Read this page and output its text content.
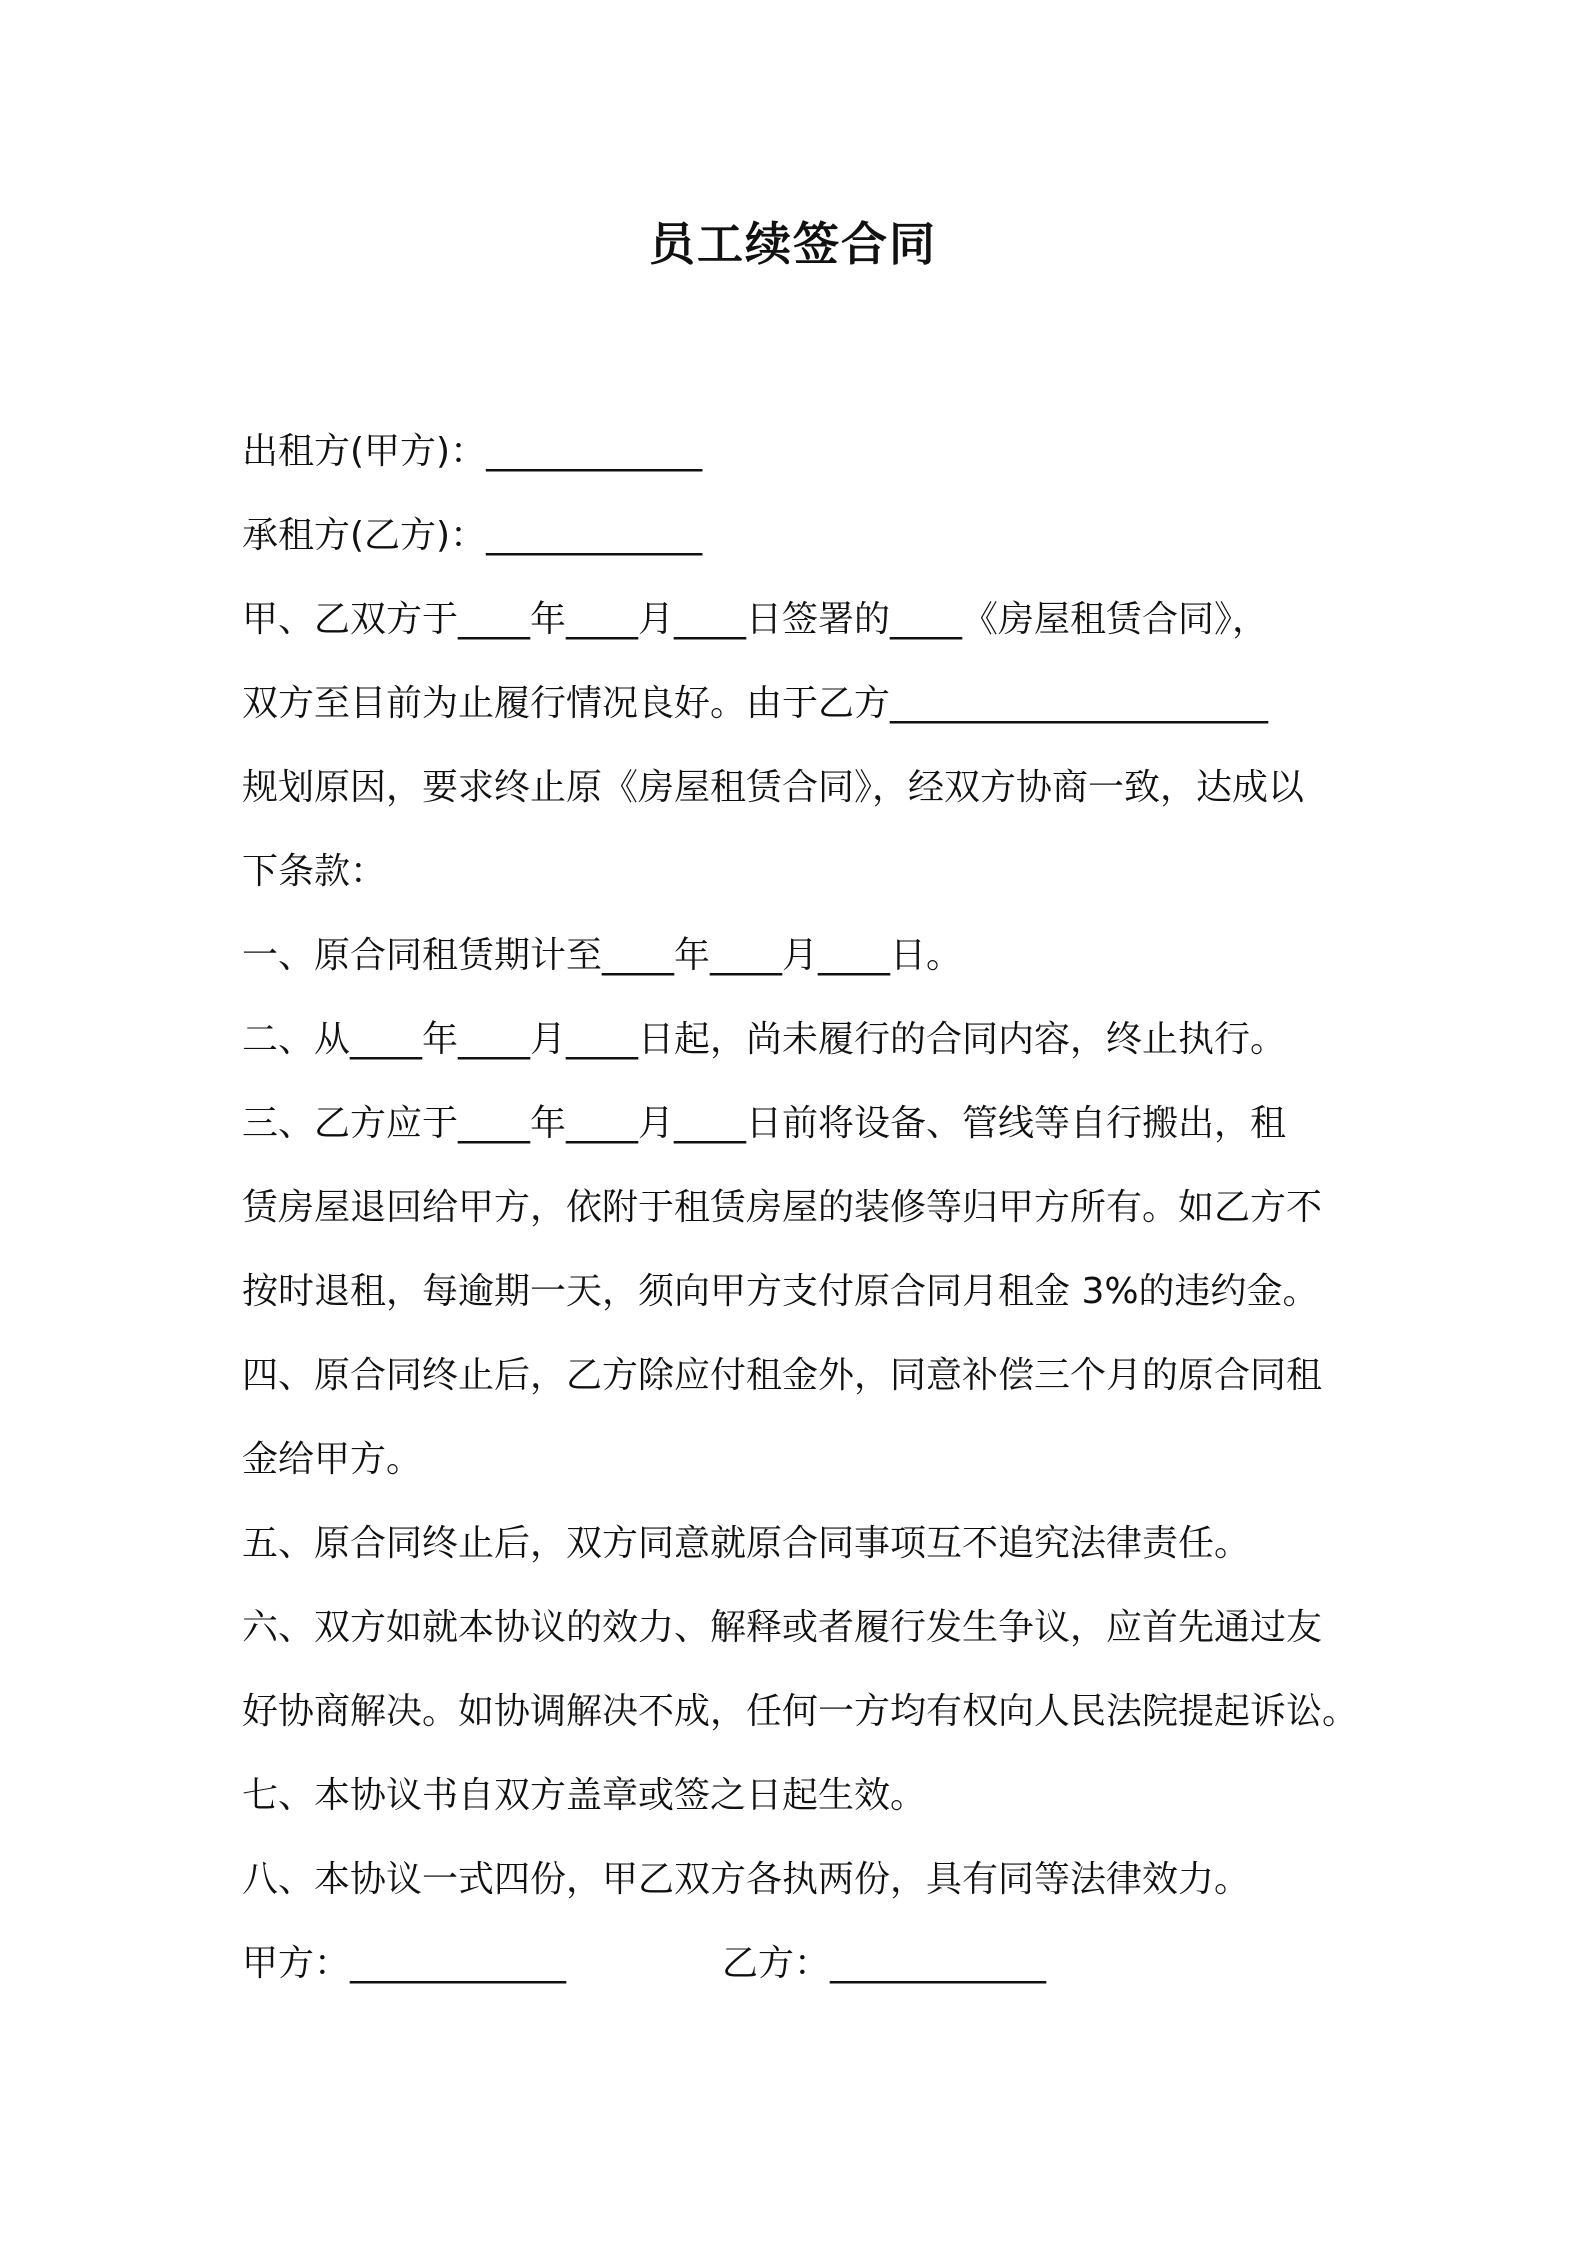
员工续签合同
出租方(甲方)：____________
承租方(乙方)：____________
甲、乙双方于____年____月____日签署的____《房屋租赁合同》，
双方至目前为止履行情况良好。由于乙方_____________________
规划原因，要求终止原《房屋租赁合同》，经双方协商一致，达成以
下条款：
一、原合同租赁期计至____年____月____日。
二、从____年____月____日起，尚未履行的合同内容，终止执行。
三、乙方应于____年____月____日前将设备、管线等自行搬出，租
赁房屋退回给甲方，依附于租赁房屋的装修等归甲方所有。如乙方不
按时退租，每逾期一天，须向甲方支付原合同月租金 3%的违约金。
四、原合同终止后，乙方除应付租金外，同意补偿三个月的原合同租
金给甲方。
五、原合同终止后，双方同意就原合同事项互不追究法律责任。
六、双方如就本协议的效力、解释或者履行发生争议，应首先通过友
好协商解决。如协调解决不成，任何一方均有权向人民法院提起诉讼。
七、本协议书自双方盖章或签之日起生效。
八、本协议一式四份，甲乙双方各执两份，具有同等法律效力。
甲方：____________	乙方：____________
